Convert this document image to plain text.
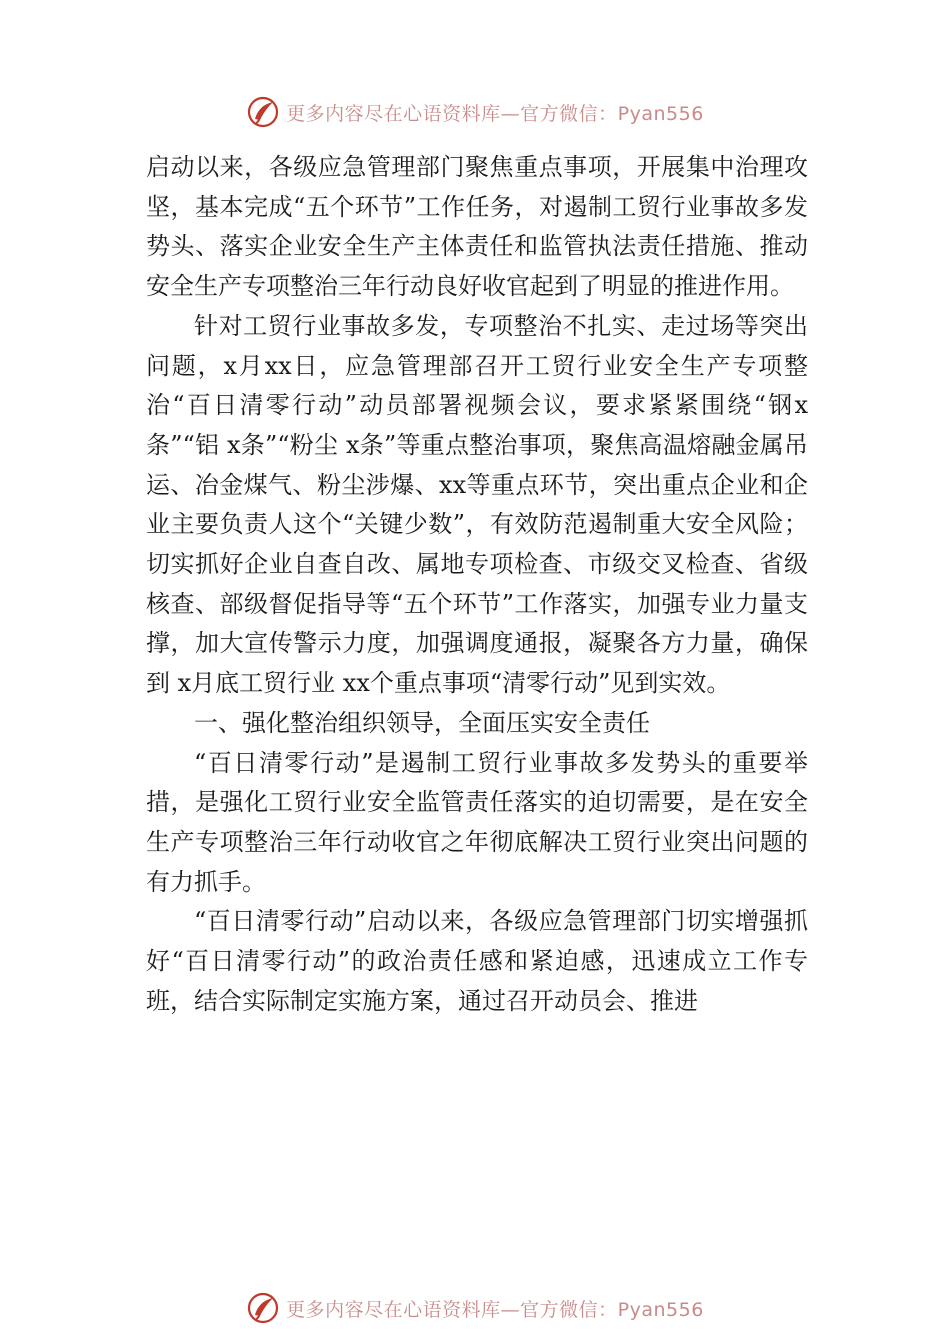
更多内容尽在心语资料库—官方微信：Pyan556

启动以来，各级应急管理部门聚焦重点事项，开展集中治理攻坚，基本完成“五个环节”工作任务，对遏制工贸行业事故多发势头、落实企业安全生产主体责任和监管执法责任措施、推动安全生产专项整治三年行动良好收官起到了明显的推进作用。

针对工贸行业事故多发，专项整治不扎实、走过场等突出问题，x月xx日，应急管理部召开工贸行业安全生产专项整治“百日清零行动”动员部署视频会议，要求紧紧围绕“钢x条”“铝 x条”“粉尘 x条”等重点整治事项，聚焦高温熔融金属吊运、冶金煤气、粉尘涉爆、xx等重点环节，突出重点企业和企业主要负责人这个“关键少数”，有效防范遏制重大安全风险；切实抓好企业自查自改、属地专项检查、市级交叉检查、省级核查、部级督促指导等“五个环节”工作落实，加强专业力量支撑，加大宣传警示力度，加强调度通报，凝聚各方力量，确保到 x月底工贸行业 xx个重点事项“清零行动”见到实效。

一、强化整治组织领导，全面压实安全责任

“百日清零行动”是遏制工贸行业事故多发势头的重要举措，是强化工贸行业安全监管责任落实的迫切需要，是在安全生产专项整治三年行动收官之年彻底解决工贸行业突出问题的有力抓手。

“百日清零行动”启动以来，各级应急管理部门切实增强抓好“百日清零行动”的政治责任感和紧迫感，迅速成立工作专班，结合实际制定实施方案，通过召开动员会、推进

更多内容尽在心语资料库—官方微信：Pyan556
